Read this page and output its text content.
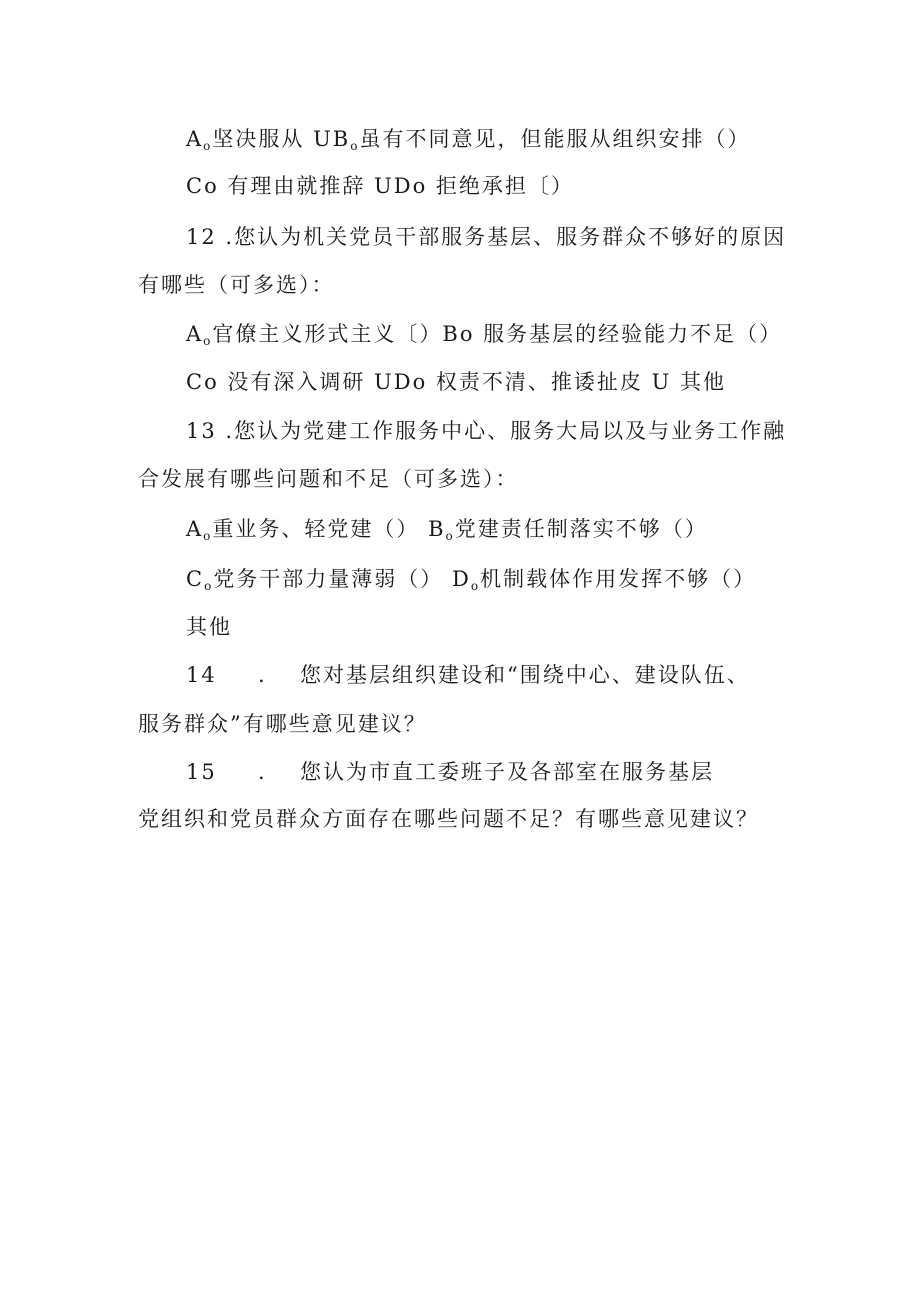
$A_o$坚决服从 $UB_o$虽有不同意见，但能服从组织安排（）
Co 有理由就推辞 UDo 拒绝承担〔）
12 .您认为机关党员干部服务基层、服务群众不够好的原因
有哪些（可多选）：
$A_o$官僚主义形式主义〔）Bo 服务基层的经验能力不足（）
Co 没有深入调研 UDo 权责不清、推诿扯皮 U 其他
13 .您认为党建工作服务中心、服务大局以及与业务工作融
合发展有哪些问题和不足（可多选）：
$A_o$重业务、轻党建（） $B_o$党建责任制落实不够（）
$C_o$党务干部力量薄弱（） $D_o$机制载体作用发挥不够（）
其他
14 . 您对基层组织建设和“围绕中心、建设队伍、
服务群众”有哪些意见建议？
15 . 您认为市直工委班子及各部室在服务基层
党组织和党员群众方面存在哪些问题不足？有哪些意见建议？
